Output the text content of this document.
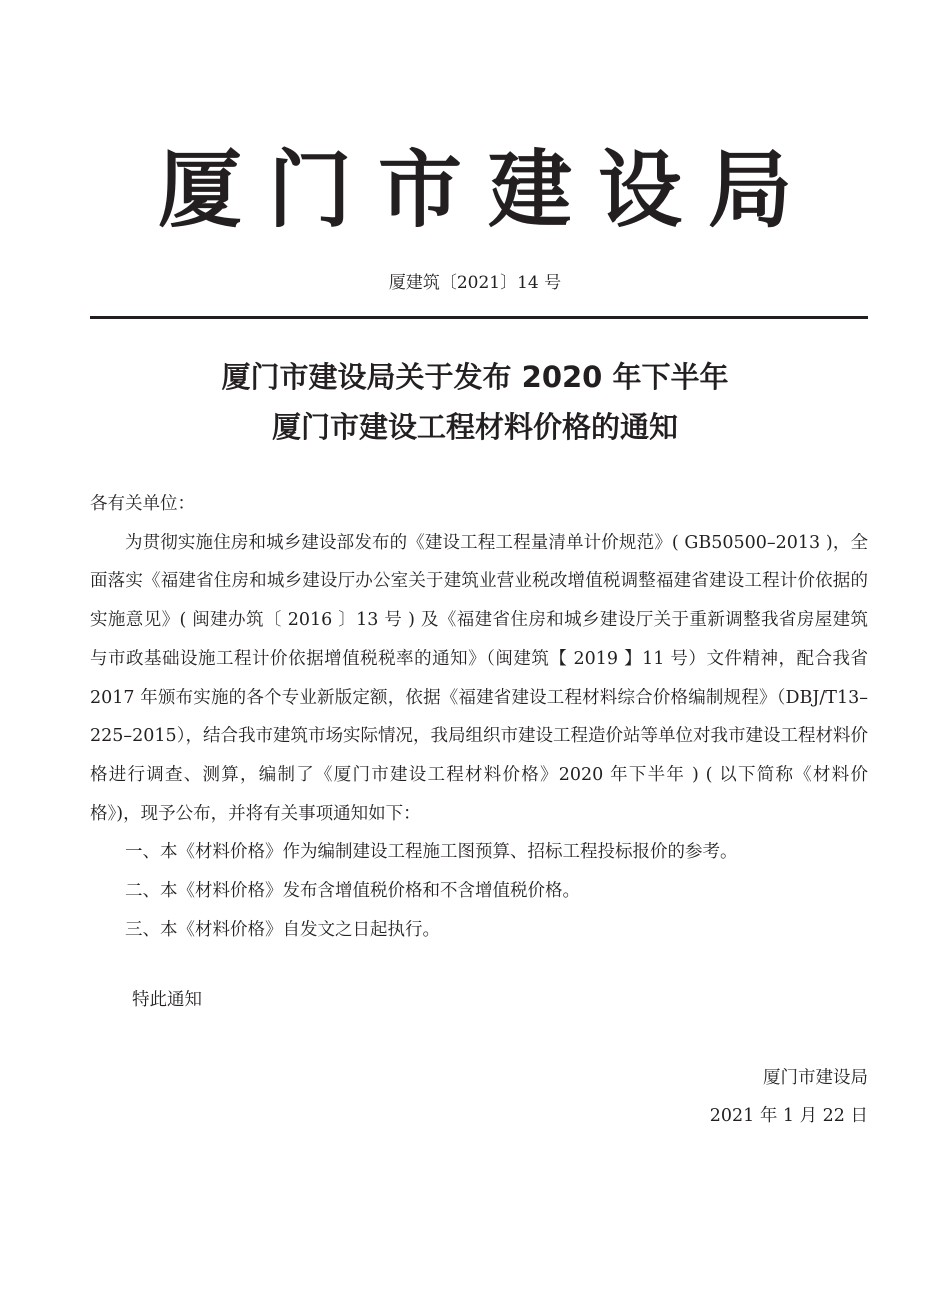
厦门市建设局
厦建筑〔2021〕14 号
厦门市建设局关于发布 2020 年下半年
厦门市建设工程材料价格的通知

各有关单位：

为贯彻实施住房和城乡建设部发布的《建设工程工程量清单计价规范》( GB50500–2013 )，全面落实《福建省住房和城乡建设厅办公室关于建筑业营业税改增值税调整福建省建设工程计价依据的实施意见》( 闽建办筑〔 2016 〕13 号 ) 及《福建省住房和城乡建设厅关于重新调整我省房屋建筑与市政基础设施工程计价依据增值税税率的通知》（闽建筑【 2019 】11 号）文件精神，配合我省 2017 年颁布实施的各个专业新版定额，依据《福建省建设工程材料综合价格编制规程》（DBJ/T13–225–2015），结合我市建筑市场实际情况，我局组织市建设工程造价站等单位对我市建设工程材料价格进行调查、测算，编制了《厦门市建设工程材料价格》2020 年下半年 ) ( 以下简称《材料价格》)，现予公布，并将有关事项通知如下：

一、本《材料价格》作为编制建设工程施工图预算、招标工程投标报价的参考。

二、本《材料价格》发布含增值税价格和不含增值税价格。

三、本《材料价格》自发文之日起执行。

特此通知
厦门市建设局
2021 年 1 月 22 日
